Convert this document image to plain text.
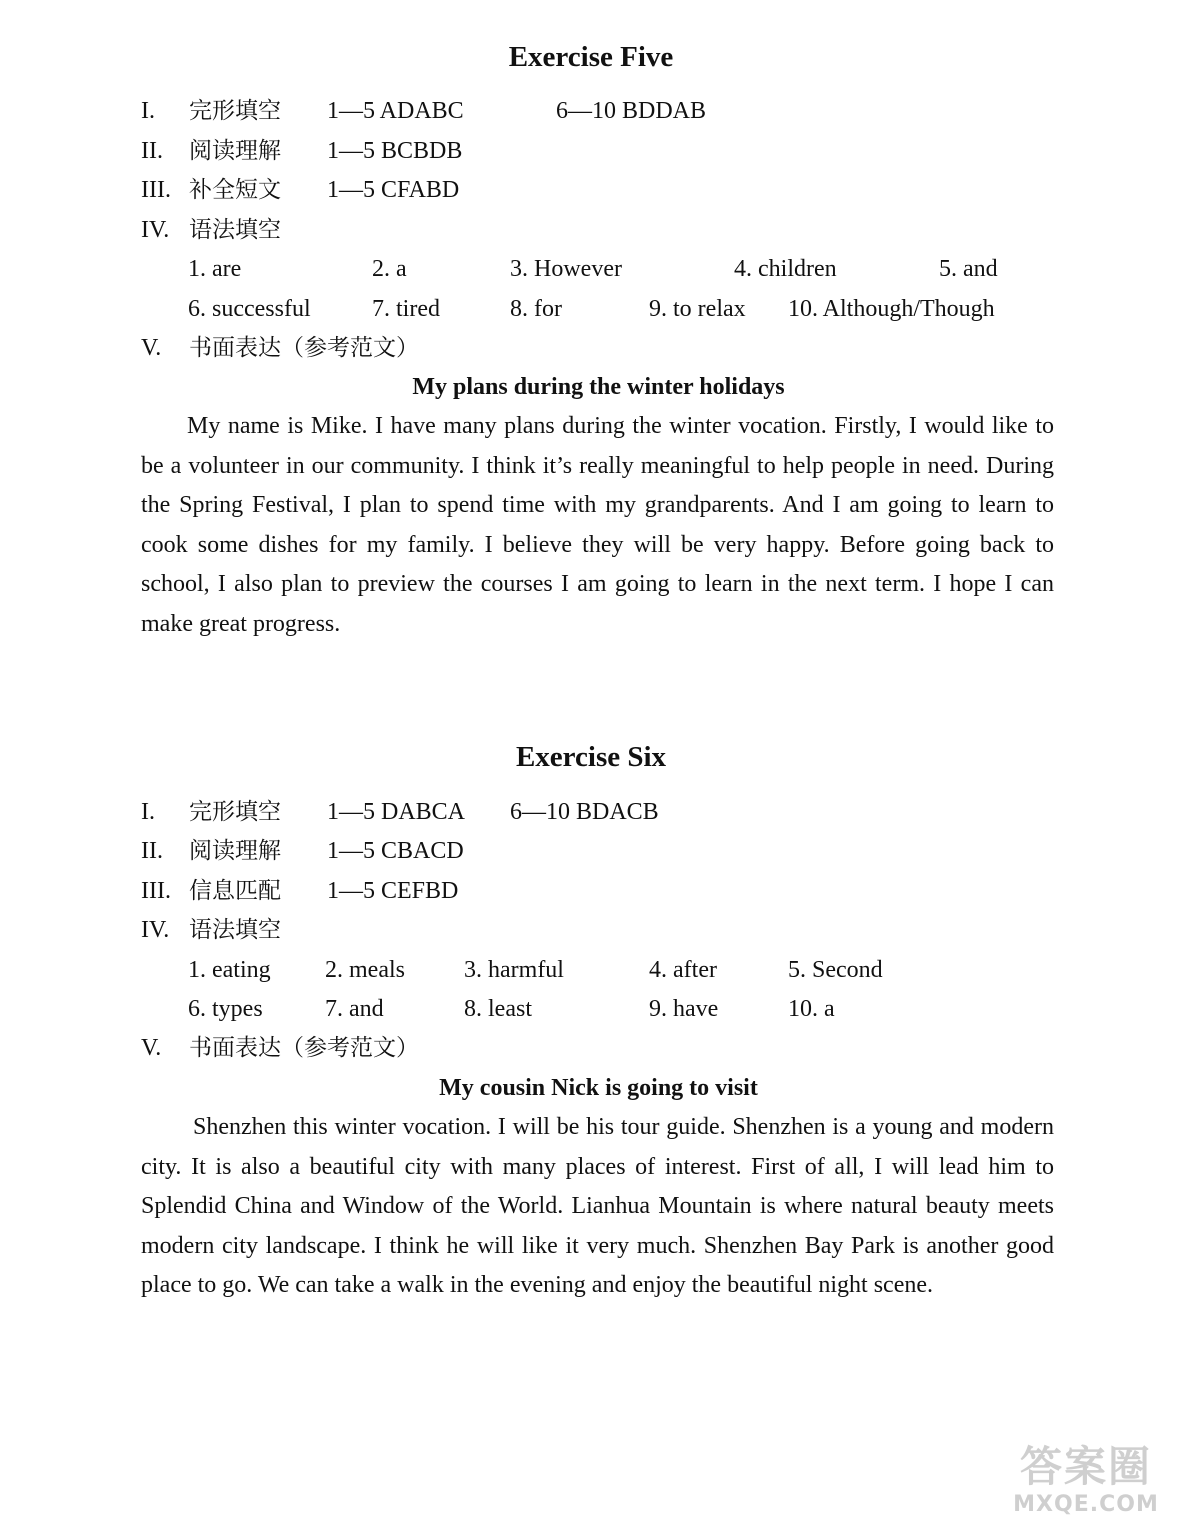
Exercise Five
I. 完形填空 1—5 ADABC	6—10 BDDAB
II. 阅读理解 1—5 BCBDB
III. 补全短文 1—5 CFABD
IV. 语法填空
1. are	2. a	3. However	4. children	5. and
6. successful	7. tired	8. for	9. to relax 10. Although/Though
V. 书面表达（参考范文）
My plans during the winter holidays

My name is Mike. I have many plans during the winter vocation. Firstly, I would like to be a volunteer in our community. I think it’s really meaningful to help people in need. During the Spring Festival, I plan to spend time with my grandparents. And I am going to learn to cook some dishes for my family. I believe they will be very happy. Before going back to school, I also plan to preview the courses I am going to learn in the next term. I hope I can make great progress.

Exercise Six
I. 完形填空 1—5 DABCA 6—10 BDACB
II. 阅读理解 1—5 CBACD
III. 信息匹配 1—5 CEFBD
IV. 语法填空
1. eating 2. meals 3. harmful	4. after	5. Second
6. types	7. and	8. least	9. have	10. a
V. 书面表达（参考范文）
My cousin Nick is going to visit

Shenzhen this winter vocation. I will be his tour guide. Shenzhen is a young and modern city. It is also a beautiful city with many places of interest. First of all, I will lead him to Splendid China and Window of the World. Lianhua Mountain is where natural beauty meets modern city landscape. I think he will like it very much. Shenzhen Bay Park is another good place to go. We can take a walk in the evening and enjoy the beautiful night scene.

答案圈
MXQE.COM
